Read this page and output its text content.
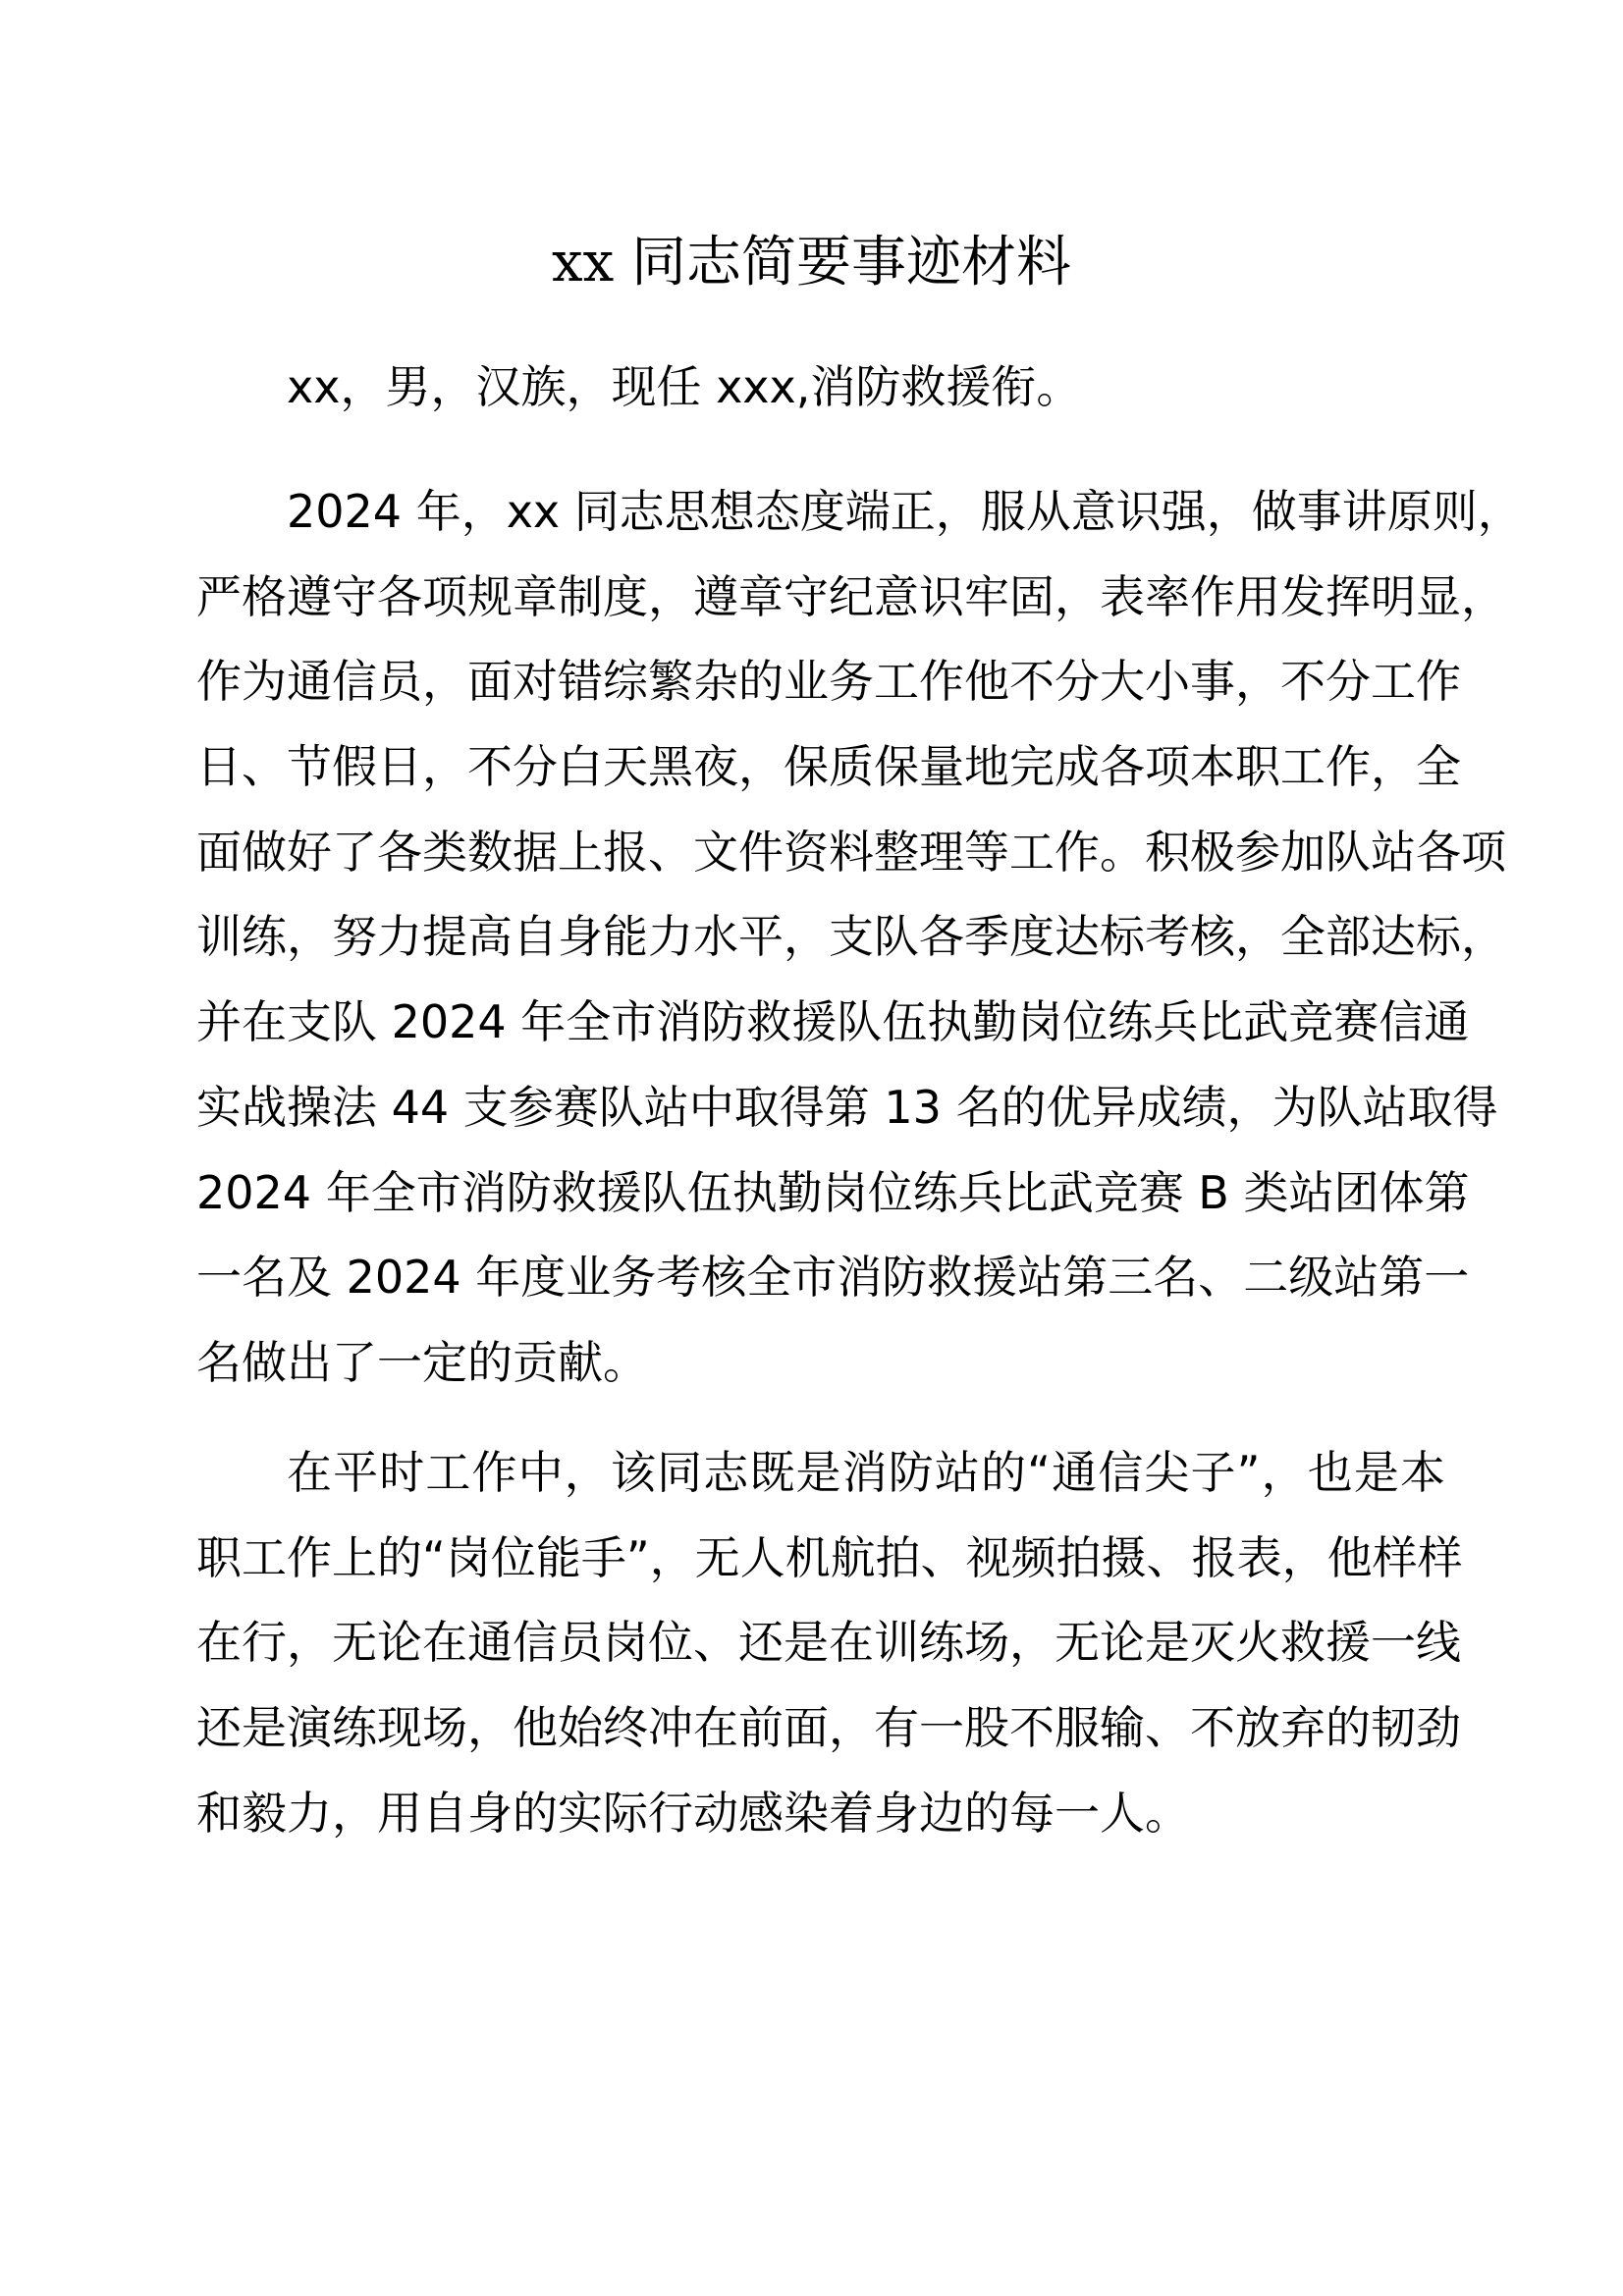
xx 同志简要事迹材料
xx，男，汉族，现任 xxx,消防救援衔。
2024 年，xx 同志思想态度端正，服从意识强，做事讲原则，
严格遵守各项规章制度，遵章守纪意识牢固，表率作用发挥明显，
作为通信员，面对错综繁杂的业务工作他不分大小事，不分工作
日、节假日，不分白天黑夜，保质保量地完成各项本职工作，全
面做好了各类数据上报、文件资料整理等工作。积极参加队站各项
训练，努力提高自身能力水平，支队各季度达标考核，全部达标，
并在支队 2024 年全市消防救援队伍执勤岗位练兵比武竞赛信通
实战操法 44 支参赛队站中取得第 13 名的优异成绩，为队站取得
2024 年全市消防救援队伍执勤岗位练兵比武竞赛 B 类站团体第
一名及 2024 年度业务考核全市消防救援站第三名、二级站第一
名做出了一定的贡献。
在平时工作中，该同志既是消防站的“通信尖子”，也是本
职工作上的“岗位能手”，无人机航拍、视频拍摄、报表，他样样
在行，无论在通信员岗位、还是在训练场，无论是灭火救援一线
还是演练现场，他始终冲在前面，有一股不服输、不放弃的韧劲
和毅力，用自身的实际行动感染着身边的每一人。
